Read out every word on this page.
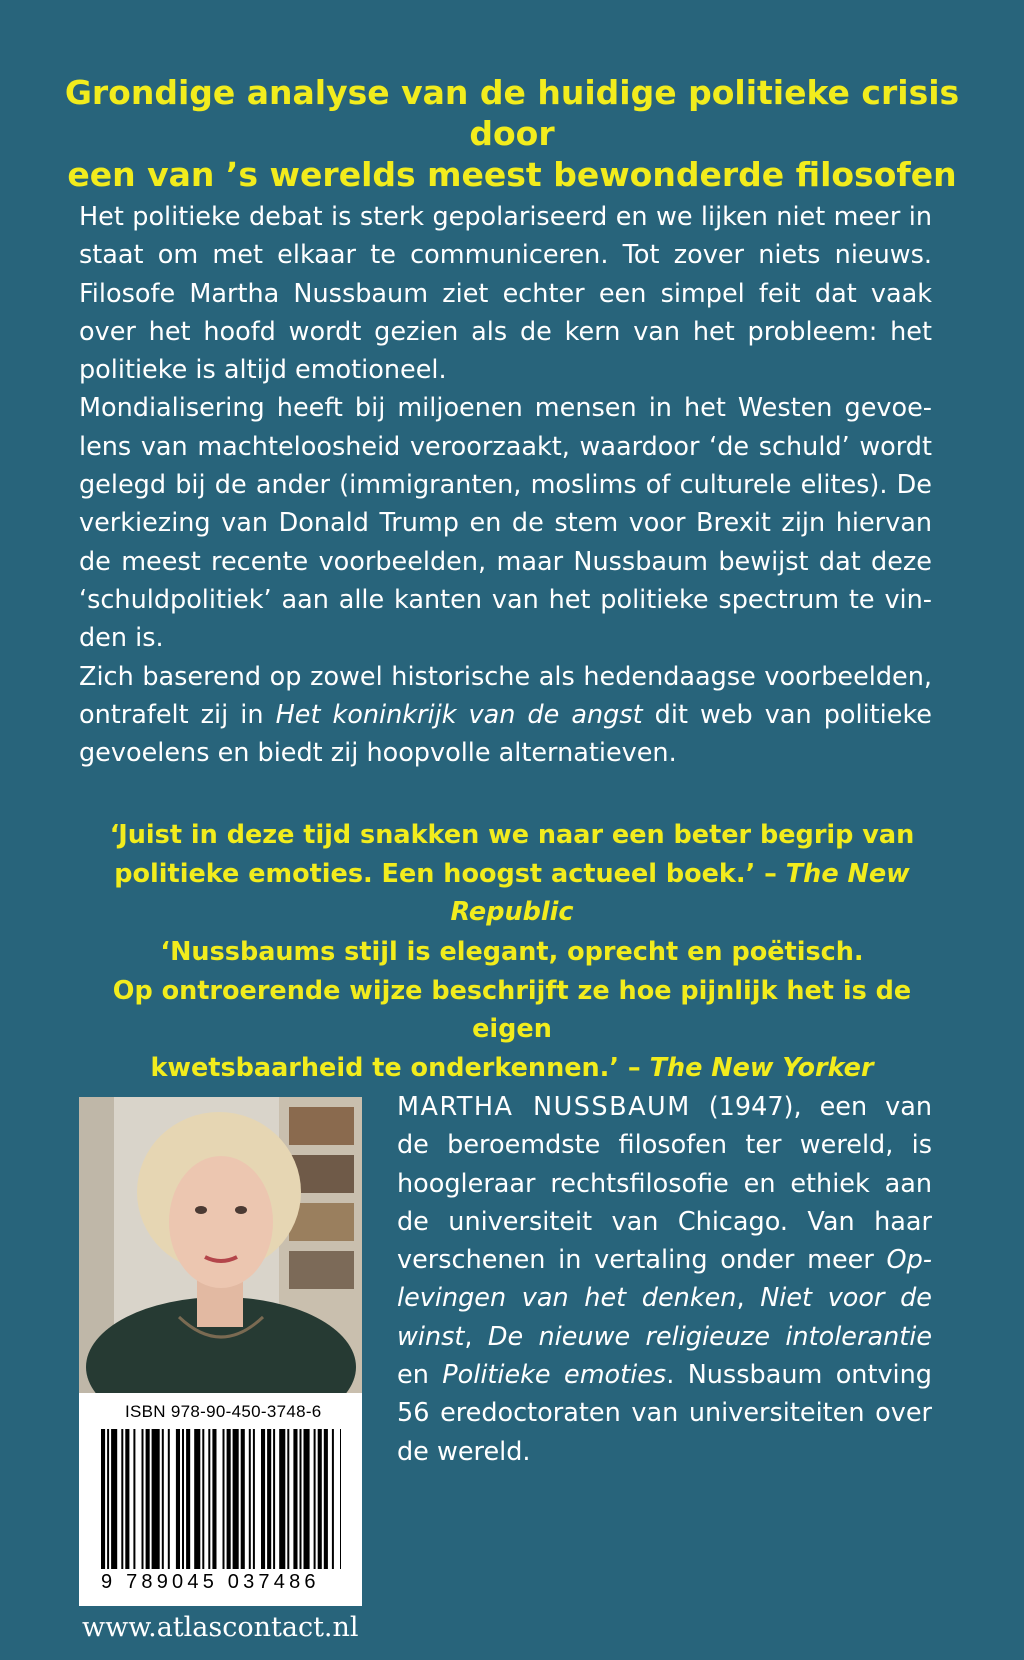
Grondige analyse van de huidige politieke crisis door
een van ’s werelds meest bewonderde filosofen

Het politieke debat is sterk gepolariseerd en we lijken niet meer in staat om met elkaar te communiceren. Tot zover niets nieuws. Filosofe Martha Nussbaum ziet echter een simpel feit dat vaak over het hoofd wordt gezien als de kern van het probleem: het politieke is altijd emotioneel.

Mondialisering heeft bij miljoenen mensen in het Westen gevoelens van machteloosheid veroorzaakt, waardoor ‘de schuld’ wordt gelegd bij de ander (immigranten, moslims of culturele elites). De verkiezing van Donald Trump en de stem voor Brexit zijn hiervan de meest recente voorbeelden, maar Nussbaum bewijst dat deze ‘schuldpolitiek’ aan alle kanten van het politieke spectrum te vinden is.

Zich baserend op zowel historische als hedendaagse voorbeelden, ontrafelt zij in Het koninkrijk van de angst dit web van politieke gevoelens en biedt zij hoopvolle alternatieven.

‘Juist in deze tijd snakken we naar een beter begrip van
politieke emoties. Een hoogst actueel boek.’ – The New Republic
‘Nussbaums stijl is elegant, oprecht en poëtisch.
Op ontroerende wijze beschrijft ze hoe pijnlijk het is de eigen
kwetsbaarheid te onderkennen.’ – The New Yorker
ISBN 978-90-450-3748-6
9 789045 037486
MARTHA NUSSBAUM (1947), een van de beroemdste filosofen ter wereld, is hoogleraar rechtsfilosofie en ethiek aan de universiteit van Chicago. Van haar verschenen in vertaling onder meer Oplevingen van het denken, Niet voor de winst, De nieuwe religieuze intolerantie en Politieke emoties. Nussbaum ontving 56 eredoctoraten van universiteiten over de wereld.
www.atlascontact.nl
